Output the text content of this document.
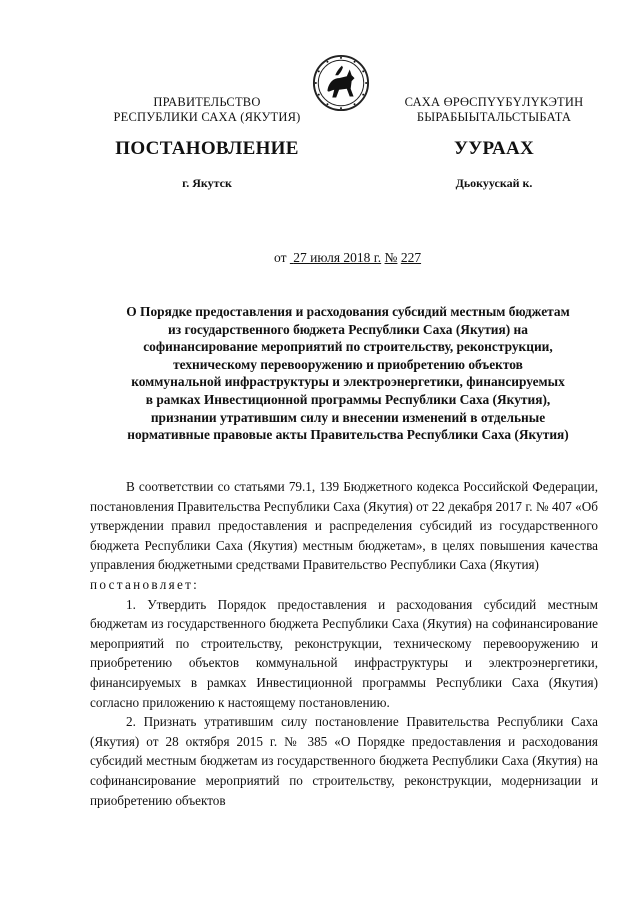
ПРАВИТЕЛЬСТВО
РЕСПУБЛИКИ САХА (ЯКУТИЯ)
САХА ӨРӨСПҮҮБҮЛҮКЭТИН
БЫРАБЫЫТАЛЬСТЫБАТА
ПОСТАНОВЛЕНИЕ	УУРААХ
г. Якутск	Дьокуускай к.
от 27 июля 2018 г. № 227
О Порядке предоставления и расходования субсидий местным бюджетам
из государственного бюджета Республики Саха (Якутия) на
софинансирование мероприятий по строительству, реконструкции,
техническому перевооружению и приобретению объектов
коммунальной инфраструктуры и электроэнергетики, финансируемых
в рамках Инвестиционной программы Республики Саха (Якутия),
признании утратившим силу и внесении изменений в отдельные
нормативные правовые акты Правительства Республики Саха (Якутия)

В соответствии со статьями 79.1, 139 Бюджетного кодекса Российской Федерации, постановления Правительства Республики Саха (Якутия) от 22 декабря 2017 г. № 407 «Об утверждении правил предоставления и распределения субсидий из государственного бюджета Республики Саха (Якутия) местным бюджетам», в целях повышения качества управления бюджетными средствами Правительство Республики Саха (Якутия)

постановляет:

1. Утвердить Порядок предоставления и расходования субсидий местным бюджетам из государственного бюджета Республики Саха (Якутия) на софинансирование мероприятий по строительству, реконструкции, техническому перевооружению и приобретению объектов коммунальной инфраструктуры и электроэнергетики, финансируемых в рамках Инвестиционной программы Республики Саха (Якутия) согласно приложению к настоящему постановлению.

2. Признать утратившим силу постановление Правительства Республики Саха (Якутия) от 28 октября 2015 г. № 385 «О Порядке предоставления и расходования субсидий местным бюджетам из государственного бюджета Республики Саха (Якутия) на софинансирование мероприятий по строительству, реконструкции, модернизации и приобретению объектов
